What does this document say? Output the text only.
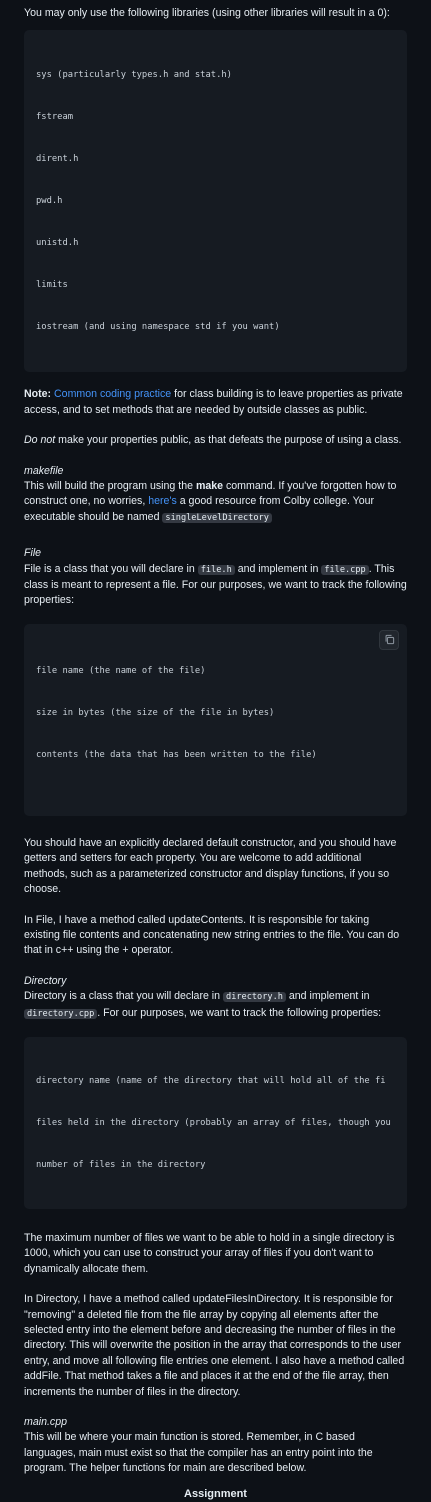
You may only use the following libraries (using other libraries will result in a 0):

sys (particularly types.h and stat.h)

fstream

dirent.h

pwd.h

unistd.h

limits

iostream (and using namespace std if you want)

Note: Common coding practice for class building is to leave properties as private access, and to set methods that are needed by outside classes as public.

Do not make your properties public, as that defeats the purpose of using a class.

makefile

This will build the program using the make command. If you've forgotten how to construct one, no worries, here's a good resource from Colby college. Your executable should be named singleLevelDirectory

File

File is a class that you will declare in file.h and implement in file.cpp . This class is meant to represent a file. For our purposes, we want to track the following properties:

file name (the name of the file)

size in bytes (the size of the file in bytes)

contents (the data that has been written to the file)

You should have an explicitly declared default constructor, and you should have getters and setters for each property. You are welcome to add additional methods, such as a parameterized constructor and display functions, if you so choose.

In File, I have a method called updateContents. It is responsible for taking existing file contents and concatenating new string entries to the file. You can do that in c++ using the + operator.

Directory

Directory is a class that you will declare in directory.h and implement in directory.cpp . For our purposes, we want to track the following properties:

directory name (name of the directory that will hold all of the fi

files held in the directory (probably an array of files, though you

number of files in the directory

The maximum number of files we want to be able to hold in a single directory is 1000, which you can use to construct your array of files if you don't want to dynamically allocate them.

In Directory, I have a method called updateFilesInDirectory. It is responsible for "removing" a deleted file from the file array by copying all elements after the selected entry into the element before and decreasing the number of files in the directory. This will overwrite the position in the array that corresponds to the user entry, and move all following file entries one element. I also have a method called addFile. That method takes a file and places it at the end of the file array, then increments the number of files in the directory.

main.cpp

This will be where your main function is stored. Remember, in C based languages, main must exist so that the compiler has an entry point into the program. The helper functions for main are described below.

Assignment
